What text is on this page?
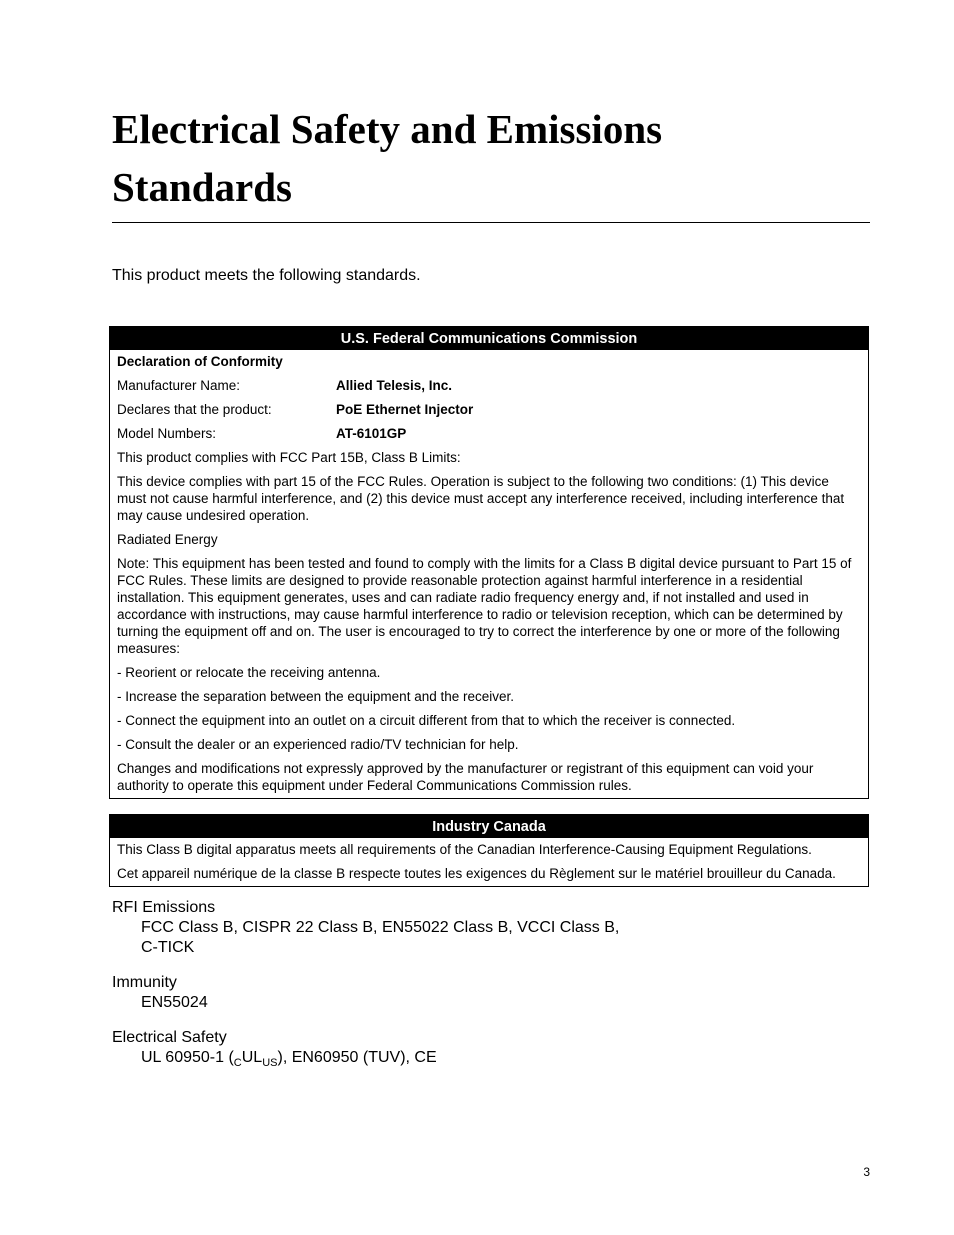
Electrical Safety and Emissions
Standards

This product meets the following standards.

U.S. Federal Communications Commission	
Declaration of Conformity	
Manufacturer Name:	Allied Telesis, Inc.
Declares that the product:	PoE Ethernet Injector
Model Numbers:	AT-6101GP
This product complies with FCC Part 15B, Class B Limits:	
This device complies with part 15 of the FCC Rules. Operation is subject to the following two conditions: (1) This device must not cause harmful interference, and (2) this device must accept any interference received, including interference that may cause undesired operation.	
Radiated Energy	
Note: This equipment has been tested and found to comply with the limits for a Class B digital device pursuant to Part 15 of FCC Rules. These limits are designed to provide reasonable protection against harmful interference in a residential installation. This equipment generates, uses and can radiate radio frequency energy and, if not installed and used in accordance with instructions, may cause harmful interference to radio or television reception, which can be determined by turning the equipment off and on. The user is encouraged to try to correct the interference by one or more of the following measures:	
- Reorient or relocate the receiving antenna.	
- Increase the separation between the equipment and the receiver.	
- Connect the equipment into an outlet on a circuit different from that to which the receiver is connected.	
- Consult the dealer or an experienced radio/TV technician for help.	
Changes and modifications not expressly approved by the manufacturer or registrant of this equipment can void your authority to operate this equipment under Federal Communications Commission rules.	
Industry Canada
This Class B digital apparatus meets all requirements of the Canadian Interference-Causing Equipment Regulations.
Cet appareil numérique de la classe B respecte toutes les exigences du Règlement sur le matériel brouilleur du Canada.
RFI Emissions
FCC Class B, CISPR 22 Class B, EN55022 Class B, VCCI Class B,
C-TICK
Immunity
EN55024
Electrical Safety
UL 60950-1 $(_CUL_{US})$, EN60950 (TUV), CE
3
